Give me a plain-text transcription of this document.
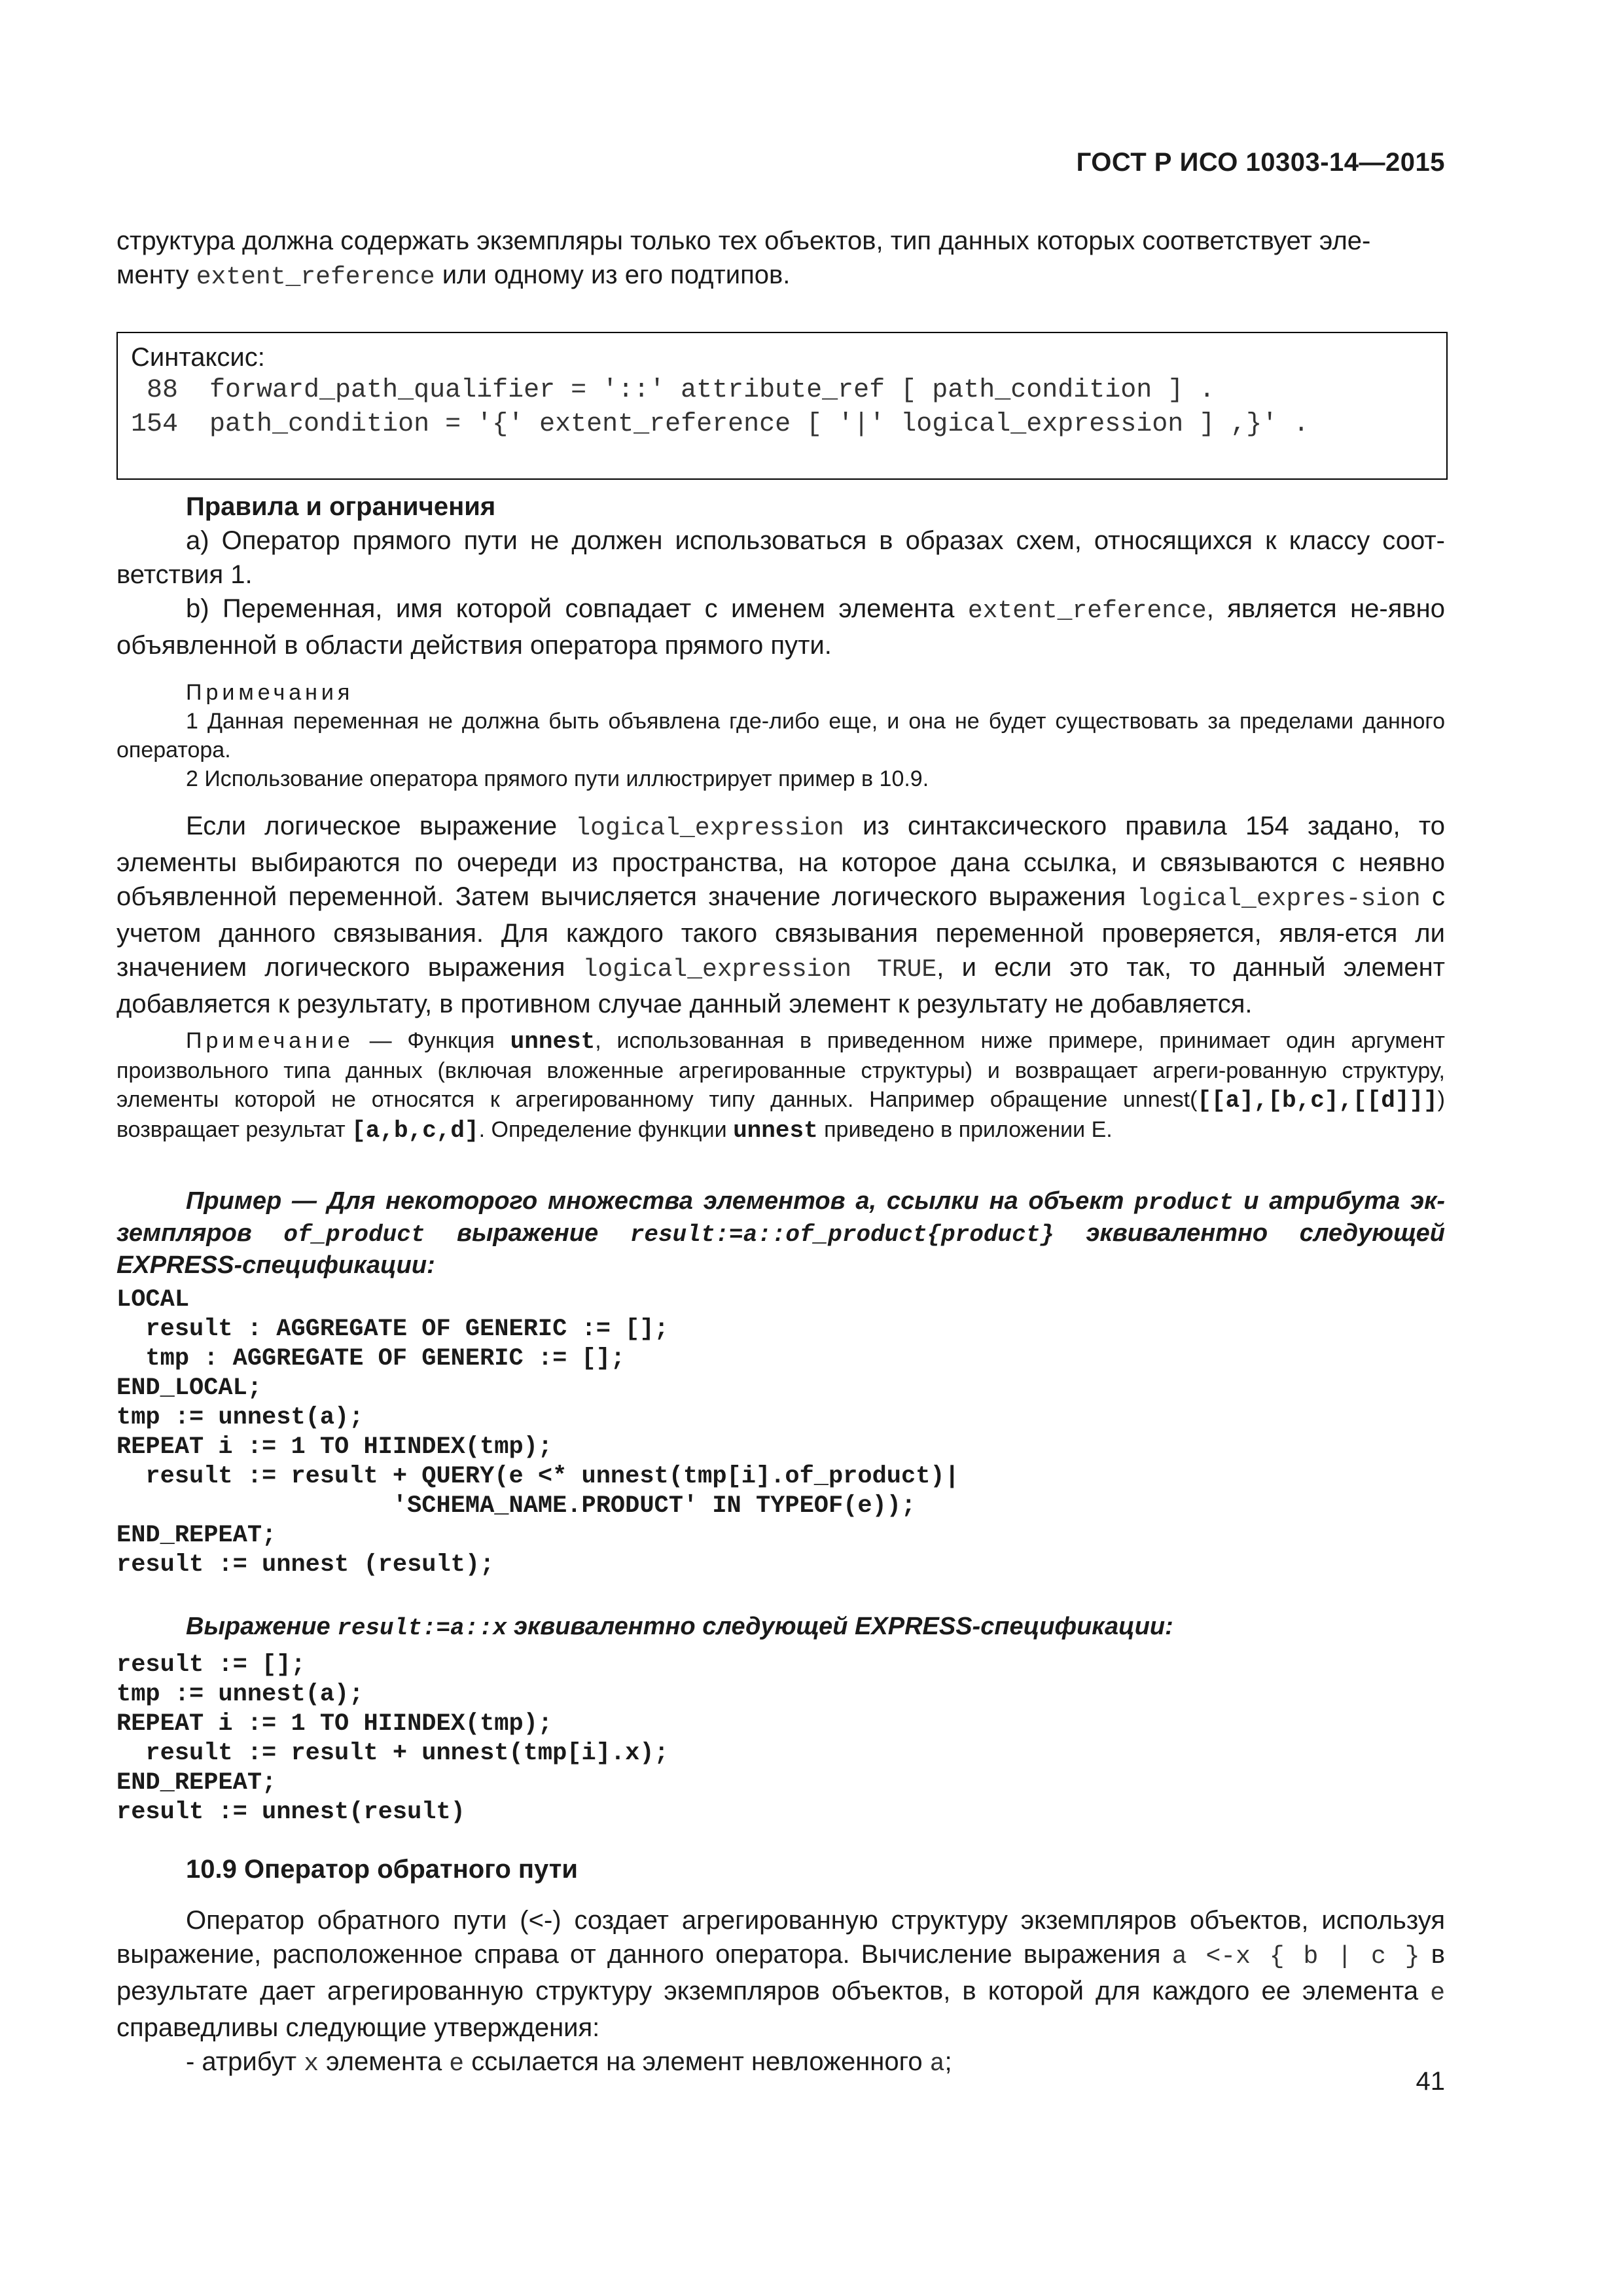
ГОСТ Р ИСО 10303-14—2015

структура должна содержать экземпляры только тех объектов, тип данных которых соответствует эле-

менту extent_reference или одному из его подтипов.

Синтаксис:

88  forward_path_qualifier = '::' attribute_ref [ path_condition ] .

154  path_condition = '{' extent_reference [ '|' logical_expression ] ,}' .

Правила и ограничения

а) Оператор прямого пути не должен использоваться в образах схем, относящихся к классу соот-ветствия 1.

b) Переменная, имя которой совпадает с именем элемента extent_reference, является не-явно объявленной в области действия оператора прямого пути.

Примечания

1 Данная переменная не должна быть объявлена где-либо еще, и она не будет существовать за пределами данного оператора.

2 Использование оператора прямого пути иллюстрирует пример в 10.9.

Если логическое выражение logical_expression из синтаксического правила 154 задано, то элементы выбираются по очереди из пространства, на которое дана ссылка, и связываются с неявно объявленной переменной. Затем вычисляется значение логического выражения logical_expres-sion с учетом данного связывания. Для каждого такого связывания переменной проверяется, явля-ется ли значением логического выражения logical_expression TRUE, и если это так, то данный элемент добавляется к результату, в противном случае данный элемент к результату не добавляется.

Примечание — Функция unnest, использованная в приведенном ниже примере, принимает один аргумент произвольного типа данных (включая вложенные агрегированные структуры) и возвращает агреги-рованную структуру, элементы которой не относятся к агрегированному типу данных. Например обращение unnest([[a],[b,c],[[d]]]) возвращает результат [a,b,c,d]. Определение функции unnest приведено в приложении Е.

Пример — Для некоторого множества элементов a, ссылки на объект product и атрибута эк-земпляров of_product выражение result:=a::of_product{product} эквивалентно следующей EXPRESS-спецификации:

LOCAL
result : AGGREGATE OF GENERIC := [];
tmp : AGGREGATE OF GENERIC := [];
END_LOCAL;
tmp := unnest(a);
REPEAT i := 1 TO HIINDEX(tmp);
result := result + QUERY(e <* unnest(tmp[i].of_product)|
'SCHEMA_NAME.PRODUCT' IN TYPEOF(e));
END_REPEAT;
result := unnest (result);

Выражение result:=a::x эквивалентно следующей EXPRESS-спецификации:

result := [];
tmp := unnest(a);
REPEAT i := 1 TO HIINDEX(tmp);
result := result + unnest(tmp[i].x);
END_REPEAT;
result := unnest(result)

10.9 Оператор обратного пути

Оператор обратного пути (<-) создает агрегированную структуру экземпляров объектов, используя выражение, расположенное справа от данного оператора. Вычисление выражения a <-x { b | c } в результате дает агрегированную структуру экземпляров объектов, в которой для каждого ее элемента e справедливы следующие утверждения:

- атрибут x элемента e ссылается на элемент невложенного a;

41
